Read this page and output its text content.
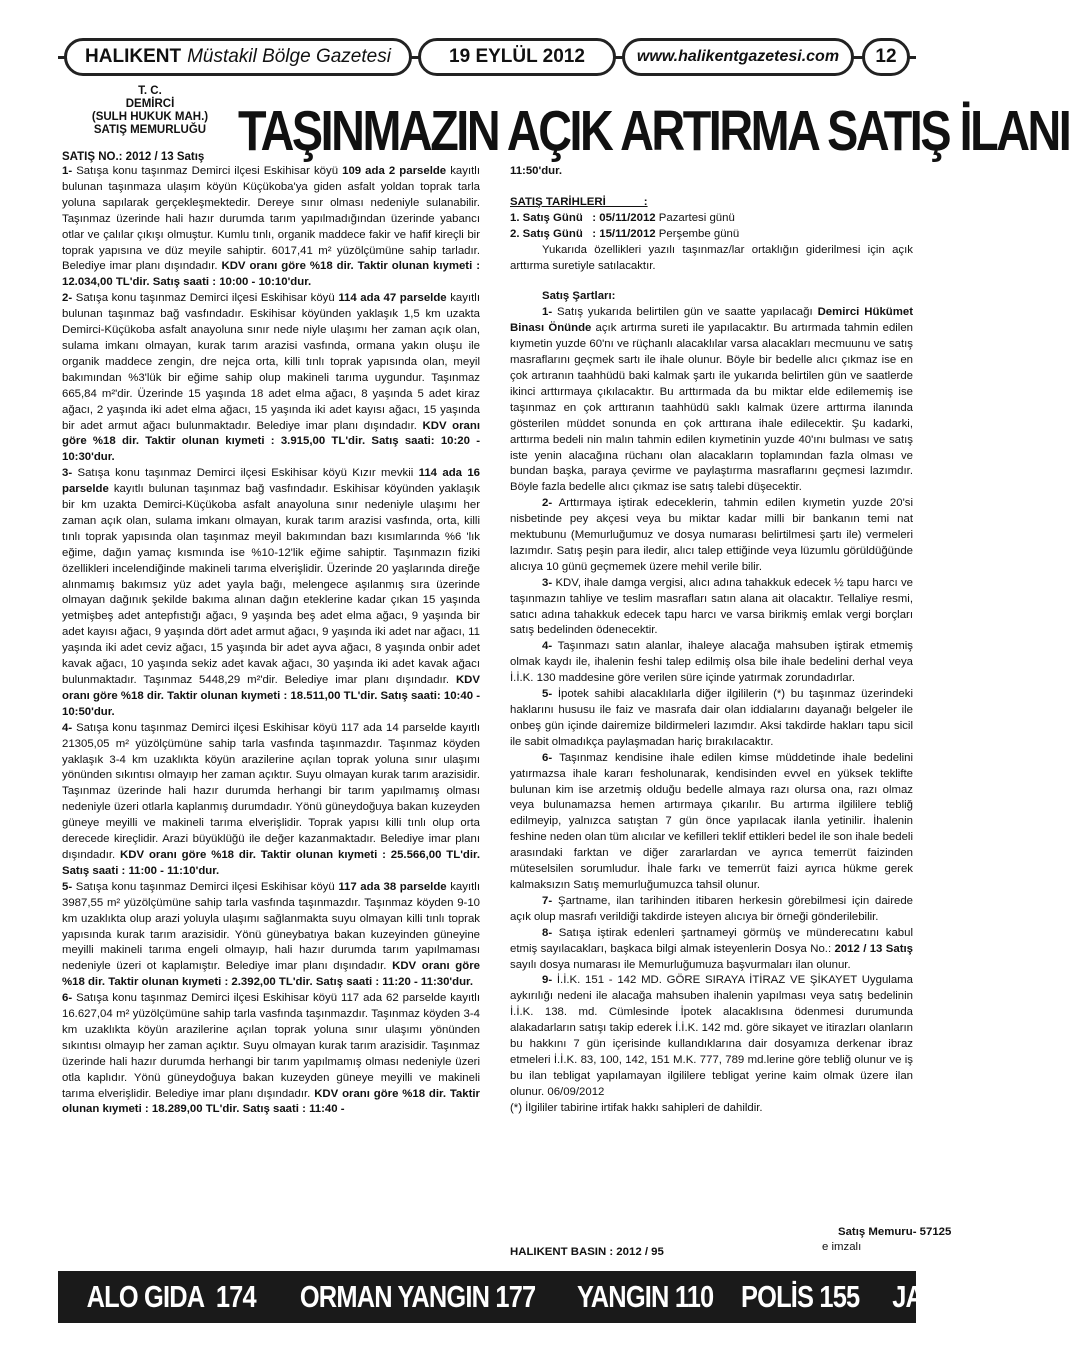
HALIKENT Müstakil Bölge Gazetesi	19 EYLÜL 2012	www.halikentgazetesi.com	12
T. C.
DEMİRCİ
(SULH HUKUK MAH.)
SATIŞ MEMURLUĞU
SATIŞ NO.: 2012 / 13 Satış TAŞINMAZIN AÇIK ARTIRMA SATIŞ İLANI

1- Satışa konu taşınmaz Demirci ilçesi Eskihisar köyü 109 ada 2 parselde kayıtlı bulunan taşınmaza ulaşım köyün Küçükoba'ya giden asfalt yoldan toprak tarla yoluna sapılarak gerçekleşmektedir. Dereye sınır olması nedeniyle sulanabilir. Taşınmaz üzerinde hali hazır durumda tarım yapılmadığından üzerinde yabancı otlar ve çalılar çıkışı olmuştur. Kumlu tınlı, organik maddece fakir ve hafif kireçli bir toprak yapısına ve düz meyile sahiptir. 6017,41 m² yüzölçümüne sahip tarladır. Belediye imar planı dışındadır. KDV oranı göre %18 dir. Taktir olunan kıymeti : 12.034,00 TL'dir. Satış saati : 10:00 - 10:10'dur.

2- Satışa konu taşınmaz Demirci ilçesi Eskihisar köyü 114 ada 47 parselde kayıtlı bulunan taşınmaz bağ vasfındadır. Eskihisar köyünden yaklaşık 1,5 km uzakta Demirci-Küçükoba asfalt anayoluna sınır nede niyle ulaşımı her zaman açık olan, sulama imkanı olmayan, kurak tarım arazisi vasfında, ormana yakın oluşu ile organik maddece zengin, dre nejca orta, killi tınlı toprak yapısında olan, meyil bakımından %3'lük bir eğime sahip olup makineli tarıma uygundur. Taşınmaz 665,84 m²'dir. Üzerinde 15 yaşında 18 adet elma ağacı, 8 yaşında 5 adet kiraz ağacı, 2 yaşında iki adet elma ağacı, 15 yaşında iki adet kayısı ağacı, 15 yaşında bir adet armut ağacı bulunmaktadır. Belediye imar planı dışındadır. KDV oranı göre %18 dir. Taktir olunan kıymeti : 3.915,00 TL'dir. Satış saati: 10:20 - 10:30'dur.

3- Satışa konu taşınmaz Demirci ilçesi Eskihisar köyü Kızır mevkii 114 ada 16 parselde kayıtlı bulunan taşınmaz bağ vasfındadır. Eskihisar köyünden yaklaşık bir km uzakta Demirci-Küçükoba asfalt anayoluna sınır nedeniyle ulaşımı her zaman açık olan, sulama imkanı olmayan, kurak tarım arazisi vasfında, orta, killi tınlı toprak yapısında olan taşınmaz meyil bakımından bazı kısımlarında %6 'lık eğime, dağın yamaç kısmında ise %10-12'lik eğime sahiptir. Taşınmazın fiziki özellikleri incelendiğinde makineli tarıma elverişlidir. Üzerinde 20 yaşlarında direğe alınmamış bakımsız yüz adet yayla bağı, melengece aşılanmış sıra üzerinde olmayan dağınık şekilde bakıma alınan dağın eteklerine kadar çıkan 15 yaşında yetmişbeş adet antepfıstığı ağacı, 9 yaşında beş adet elma ağacı, 9 yaşında bir adet kayısı ağacı, 9 yaşında dört adet armut ağacı, 9 yaşında iki adet nar ağacı, 11 yaşında iki adet ceviz ağacı, 15 yaşında bir adet ayva ağacı, 8 yaşında onbir adet kavak ağacı, 10 yaşında sekiz adet kavak ağacı, 30 yaşında iki adet kavak ağacı bulunmaktadır. Taşınmaz 5448,29 m²'dir. Belediye imar planı dışındadır. KDV oranı göre %18 dir. Taktir olunan kıymeti : 18.511,00 TL'dir. Satış saati: 10:40 - 10:50'dur.

4- Satışa konu taşınmaz Demirci ilçesi Eskihisar köyü 117 ada 14 parselde kayıtlı 21305,05 m² yüzölçümüne sahip tarla vasfında taşınmazdır. Taşınmaz köyden yaklaşık 3-4 km uzaklıkta köyün arazilerine açılan toprak yoluna sınır ulaşımı yönünden sıkıntısı olmayıp her zaman açıktır. Suyu olmayan kurak tarım arazisidir. Taşınmaz üzerinde hali hazır durumda herhangi bir tarım yapılmamış olması nedeniyle üzeri otlarla kaplanmış durumdadır. Yönü güneydoğuya bakan kuzeyden güneye meyilli ve makineli tarıma elverişlidir. Toprak yapısı killi tınlı olup orta derecede kireçlidir. Arazi büyüklüğü ile değer kazanmaktadır. Belediye imar planı dışındadır. KDV oranı göre %18 dir. Taktir olunan kıymeti : 25.566,00 TL'dir. Satış saati : 11:00 - 11:10'dur.

5- Satışa konu taşınmaz Demirci ilçesi Eskihisar köyü 117 ada 38 parselde kayıtlı 3987,55 m² yüzölçümüne sahip tarla vasfında taşınmazdır. Taşınmaz köyden 9-10 km uzaklıkta olup arazi yoluyla ulaşımı sağlanmakta suyu olmayan killi tınlı toprak yapısında kurak tarım arazisidir. Yönü güneybatıya bakan kuzeyinden güneyine meyilli makineli tarıma engeli olmayıp, hali hazır durumda tarım yapılmaması nedeniyle üzeri ot kaplamıştır. Belediye imar planı dışındadır. KDV oranı göre %18 dir. Taktir olunan kıymeti : 2.392,00 TL'dir. Satış saati : 11:20 - 11:30'dur.

6- Satışa konu taşınmaz Demirci ilçesi Eskihisar köyü 117 ada 62 parselde kayıtlı 16.627,04 m² yüzölçümüne sahip tarla vasfında taşınmazdır. Taşınmaz köyden 3-4 km uzaklıkta köyün arazilerine açılan toprak yoluna sınır ulaşımı yönünden sıkıntısı olmayıp her zaman açıktır. Suyu olmayan kurak tarım arazisidir. Taşınmaz üzerinde hali hazır durumda herhangi bir tarım yapılmamış olması nedeniyle üzeri otla kaplıdır. Yönü güneydoğuya bakan kuzeyden güneye meyilli ve makineli tarıma elverişlidir. Belediye imar planı dışındadır. KDV oranı göre %18 dir. Taktir olunan kıymeti : 18.289,00 TL'dir. Satış saati : 11:40 -

11:50'dur.

SATIŞ TARİHLERİ            :

1. Satış Günü   : 05/11/2012 Pazartesi günü

2. Satış Günü   : 15/11/2012 Perşembe günü

Yukarıda özellikleri yazılı taşınmaz/lar ortaklığın giderilmesi için açık arttırma suretiyle satılacaktır.

Satış Şartları:

1- Satış yukarıda belirtilen gün ve saatte yapılacağı Demirci Hükümet Binası Önünde açık artırma sureti ile yapılacaktır. Bu artırmada tahmin edilen kıymetin yuzde 60'nı ve rüçhanlı alacaklılar varsa alacakları mecmuunu ve satış masraflarını geçmek sartı ile ihale olunur. Böyle bir bedelle alıcı çıkmaz ise en çok artıranın taahhüdü baki kalmak şartı ile yukarıda belirtilen gün ve saatlerde ikinci arttırmaya çıkılacaktır. Bu arttırmada da bu miktar elde edilememiş ise taşınmaz en çok arttıranın taahhüdü saklı kalmak üzere arttırma ilanında gösterilen müddet sonunda en çok arttırana ihale edilecektir. Şu kadarki, arttırma bedeli nin malın tahmin edilen kıymetinin yuzde 40'ını bulması ve satış iste yenin alacağına rüchanı olan alacakların toplamından fazla olması ve bundan başka, paraya çevirme ve paylaştırma masraflarını geçmesi lazımdır. Böyle fazla bedelle alıcı çıkmaz ise satış talebi düşecektir.

2- Arttırmaya iştirak edeceklerin, tahmin edilen kıymetin yuzde 20'si nisbetinde pey akçesi veya bu miktar kadar milli bir bankanın temi nat mektubunu (Memurluğumuz ve dosya numarası belirtilmesi şartı ile) vermeleri lazımdır. Satış peşin para iledir, alıcı talep ettiğinde veya lüzumlu görüldüğünde alıcıya 10 günü geçmemek üzere mehil verile bilir.

3- KDV, ihale damga vergisi, alıcı adına tahakkuk edecek ½ tapu harcı ve taşınmazın tahliye ve teslim masrafları satın alana ait olacaktır. Tellaliye resmi, satıcı adına tahakkuk edecek tapu harcı ve varsa birikmiş emlak vergi borçları satış bedelinden ödenecektir.

4- Taşınmazı satın alanlar, ihaleye alacağa mahsuben iştirak etmemiş olmak kaydı ile, ihalenin feshi talep edilmiş olsa bile ihale bedelini derhal veya İ.İ.K. 130 maddesine göre verilen süre içinde yatırmak zorundadırlar.

5- İpotek sahibi alacaklılarla diğer ilgililerin (*) bu taşınmaz üzerindeki haklarını hususu ile faiz ve masrafa dair olan iddialarını dayanağı belgeler ile onbeş gün içinde dairemize bildirmeleri lazımdır. Aksi takdirde hakları tapu sicil ile sabit olmadıkça paylaşmadan hariç bırakılacaktır.

6- Taşınmaz kendisine ihale edilen kimse müddetinde ihale bedelini yatırmazsa ihale kararı fesholunarak, kendisinden evvel en yüksek teklifte bulunan kim ise arzetmiş olduğu bedelle almaya razı olursa ona, razı olmaz veya bulunamazsa hemen artırmaya çıkarılır. Bu artırma ilgililere tebliğ edilmeyip, yalnızca satıştan 7 gün önce yapılacak ilanla yetinilir. İhalenin feshine neden olan tüm alıcılar ve kefilleri teklif ettikleri bedel ile son ihale bedeli arasındaki farktan ve diğer zararlardan ve ayrıca temerrüt faizinden müteselsilen sorumludur. İhale farkı ve temerrüt faizi ayrıca hükme gerek kalmaksızın Satış memurluğumuzca tahsil olunur.

7- Şartname, ilan tarihinden itibaren herkesin görebilmesi için dairede açık olup masrafı verildiği takdirde isteyen alıcıya bir örneği gönderilebilir.

8- Satışa iştirak edenleri şartnameyi görmüş ve münderecatını kabul etmiş sayılacakları, başkaca bilgi almak isteyenlerin Dosya No.: 2012 / 13 Satış sayılı dosya numarası ile Memurluğumuza başvurmaları ilan olunur.

9- İ.İ.K. 151 - 142 MD. GÖRE SIRAYA İTİRAZ VE ŞİKAYET Uygulama aykırılığı nedeni ile alacağa mahsuben ihalenin yapılması veya satış bedelinin İ.İ.K. 138. md. Cümlesinde İpotek alacaklısına ödenmesi durumunda alakadarların satışı takip ederek İ.İ.K. 142 md. göre sikayet ve itirazları olanların bu hakkını 7 gün içerisinde kullandıklarına dair dosyamıza derkenar ibraz etmeleri İ.İ.K. 83, 100, 142, 151 M.K. 777, 789 md.lerine göre tebliğ olunur ve iş bu ilan tebligat yapılamayan ilgililere tebligat yerine kaim olmak üzere ilan olunur. 06/09/2012

(*) İlgililer tabirine irtifak hakkı sahipleri de dahildir.

Satış Memuru- 57125
e imzalı
HALIKENT BASIN : 2012 / 95
ALO GIDA  174 ORMAN YANGIN 177 YANGIN 110 POLİS 155 JANDARMA 156
